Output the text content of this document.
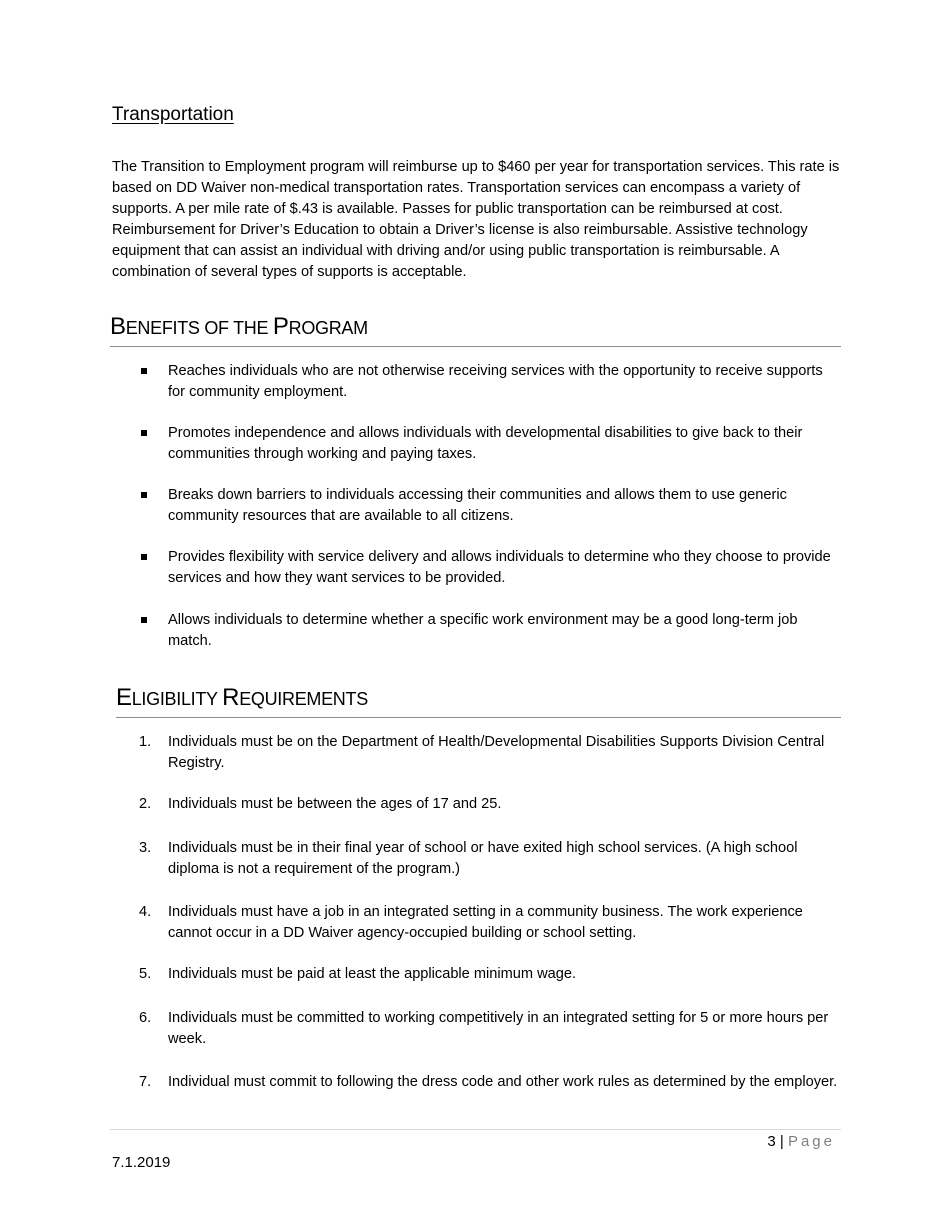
Transportation
The Transition to Employment program will reimburse up to $460 per year for transportation services. This rate is based on DD Waiver non-medical transportation rates. Transportation services can encompass a variety of supports. A per mile rate of $.43 is available. Passes for public transportation can be reimbursed at cost. Reimbursement for Driver’s Education to obtain a Driver’s license is also reimbursable. Assistive technology equipment that can assist an individual with driving and/or using public transportation is reimbursable. A combination of several types of supports is acceptable.
BENEFITS OF THE PROGRAM
Reaches individuals who are not otherwise receiving services with the opportunity to receive supports for community employment.
Promotes independence and allows individuals with developmental disabilities to give back to their communities through working and paying taxes.
Breaks down barriers to individuals accessing their communities and allows them to use generic community resources that are available to all citizens.
Provides flexibility with service delivery and allows individuals to determine who they choose to provide services and how they want services to be provided.
Allows individuals to determine whether a specific work environment may be a good long-term job match.
ELIGIBILITY REQUIREMENTS
1.	Individuals must be on the Department of Health/Developmental Disabilities Supports Division Central Registry.
2.	Individuals must be between the ages of 17 and 25.
3.	Individuals must be in their final year of school or have exited high school services. (A high school diploma is not a requirement of the program.)
4.	Individuals must have a job in an integrated setting in a community business. The work experience cannot occur in a DD Waiver agency-occupied building or school setting.
5.	Individuals must be paid at least the applicable minimum wage.
6.	Individuals must be committed to working competitively in an integrated setting for 5 or more hours per week.
7.	Individual must commit to following the dress code and other work rules as determined by the employer.
3 | Page
7.1.2019
